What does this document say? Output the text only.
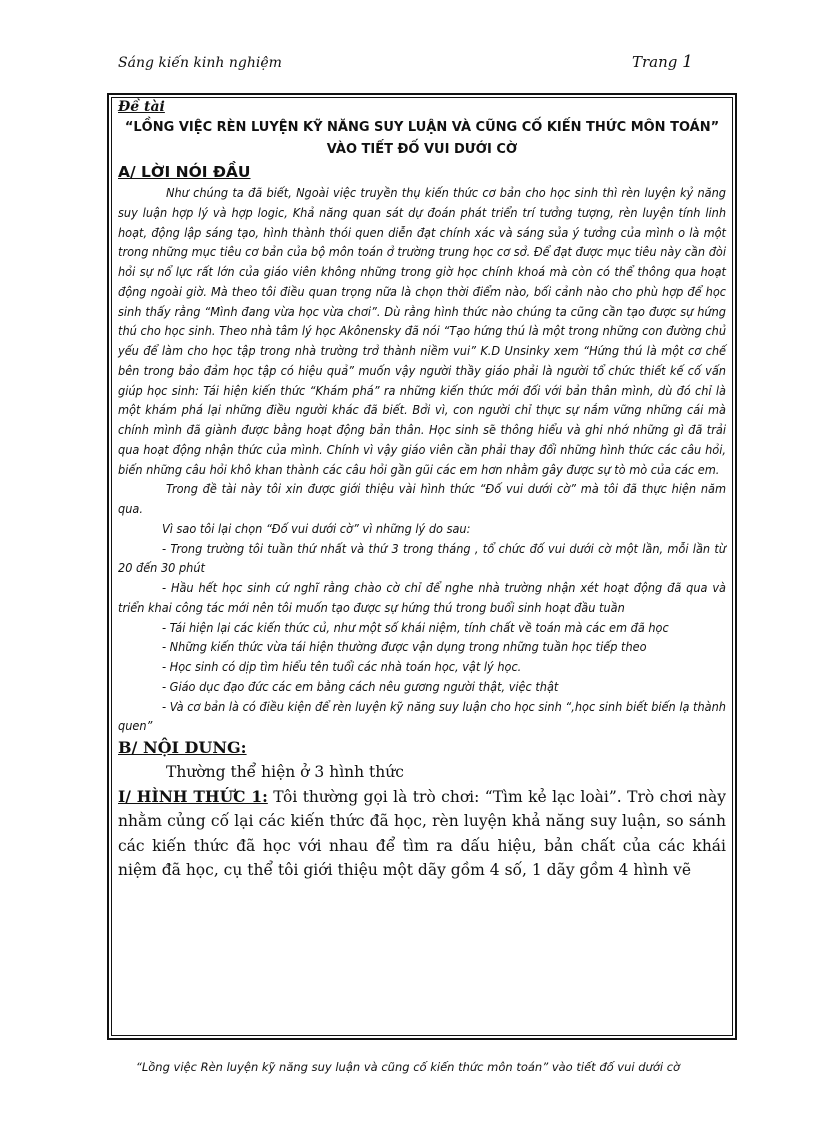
Sáng kiến kinh nghiệm	Trang 1

Đề tài

“LỒNG VIỆC RÈN LUYỆN KỸ NĂNG SUY LUẬN VÀ CŨNG CỐ KIẾN THỨC MÔN TOÁN”

VÀO TIẾT ĐỐ VUI DƯỚI CỜ

A/ LỜI NÓI ĐẦU

Như chúng ta đã biết, Ngoài việc truyền thụ kiến thức cơ bản cho học sinh thì rèn luyện kỷ năng suy luận hợp lý và hợp logic, Khả năng quan sát dự đoán phát triển trí tưởng tượng, rèn luyện tính linh hoạt, động lập sáng tạo, hình thành thói quen diễn đạt chính xác và sáng sủa ý tưởng của mình o là một trong những mục tiêu cơ bản của bộ môn toán ở trường trung học cơ sở. Để đạt được mục tiêu này cần đòi hỏi sự nổ lực rất lớn của giáo viên không những trong giờ học chính khoá mà còn có thể thông qua hoạt động ngoài giờ. Mà theo tôi điều quan trọng nữa là chọn thời điểm nào, bối cảnh nào cho phù hợp để học sinh thấy rằng “Mình đang vừa học vừa chơi”. Dù rằng hình thức nào chúng ta cũng cần tạo được sự hứng thú cho học sinh. Theo nhà tâm lý học Akônensky đã nói “Tạo hứng thú là một trong những con đường chủ yếu để làm cho học tập trong nhà trường trở thành niềm vui” K.D Unsinky xem “Hứng thú là một cơ chế bên trong bảo đảm học tập có hiệu quả” muốn vậy người thầy giáo phải là người tổ chức thiết kế cố vấn giúp học sinh: Tái hiện kiến thức “Khám phá” ra những kiến thức mới đối với bản thân mình, dù đó chỉ là một khám phá lại những điều người khác đã biết. Bởi vì, con người chỉ thực sự nắm vững những cái mà chính mình đã giành được bằng hoạt động bản thân. Học sinh sẽ thông hiểu và ghi nhớ những gì đã trải qua hoạt động nhận thức của mình. Chính vì vậy giáo viên cần phải thay đổi những hình thức các câu hỏi, biến những câu hỏi khô khan thành các câu hỏi gần gũi các em hơn nhằm gây được sự tò mò của các em.

Trong đề tài này tôi xin được giới thiệu vài hình thức “Đố vui dưới cờ” mà tôi đã thực hiện năm qua.

Vì sao tôi lại chọn “Đố vui dưới cờ” vì những lý do sau:

- Trong trường tôi tuần thứ nhất và thứ 3 trong tháng , tổ chức đố vui dưới cờ một lần, mỗi lần từ 20 đến 30 phút

- Hầu hết học sinh cứ nghĩ rằng chào cờ chỉ để nghe nhà trường nhận xét hoạt động đã qua và triển khai công tác mới nên tôi muốn tạo được sự hứng thú trong buổi sinh hoạt đầu tuần

- Tái hiện lại các kiến thức củ, như một số khái niệm, tính chất về toán mà các em đã học

- Những kiến thức vừa tái hiện thường được vận dụng trong những tuần học tiếp theo

- Học sinh có dịp tìm hiểu tên tuổi các nhà toán học, vật lý học.

- Giáo dục đạo đức các em bằng cách nêu gương người thật, việc thật

- Và cơ bản là có điều kiện để rèn luyện kỹ năng suy luận cho học sinh “,học sinh biết biến lạ thành quen”

B/ NỘI DUNG:

Thường thể hiện ở 3 hình thức

I/ HÌNH THỨC 1: Tôi thường gọi là trò chơi: “Tìm kẻ lạc loài”. Trò chơi này nhằm củng cố lại các kiến thức đã học, rèn luyện khả năng suy luận, so sánh các kiến thức đã học với nhau để tìm ra dấu hiệu, bản chất của các khái niệm đã học, cụ thể tôi giới thiệu một dãy gồm 4 số, 1 dãy gồm 4 hình vẽ

“Lồng việc Rèn luyện kỹ năng suy luận và cũng cố kiến thức môn toán” vào tiết đố vui dưới cờ
